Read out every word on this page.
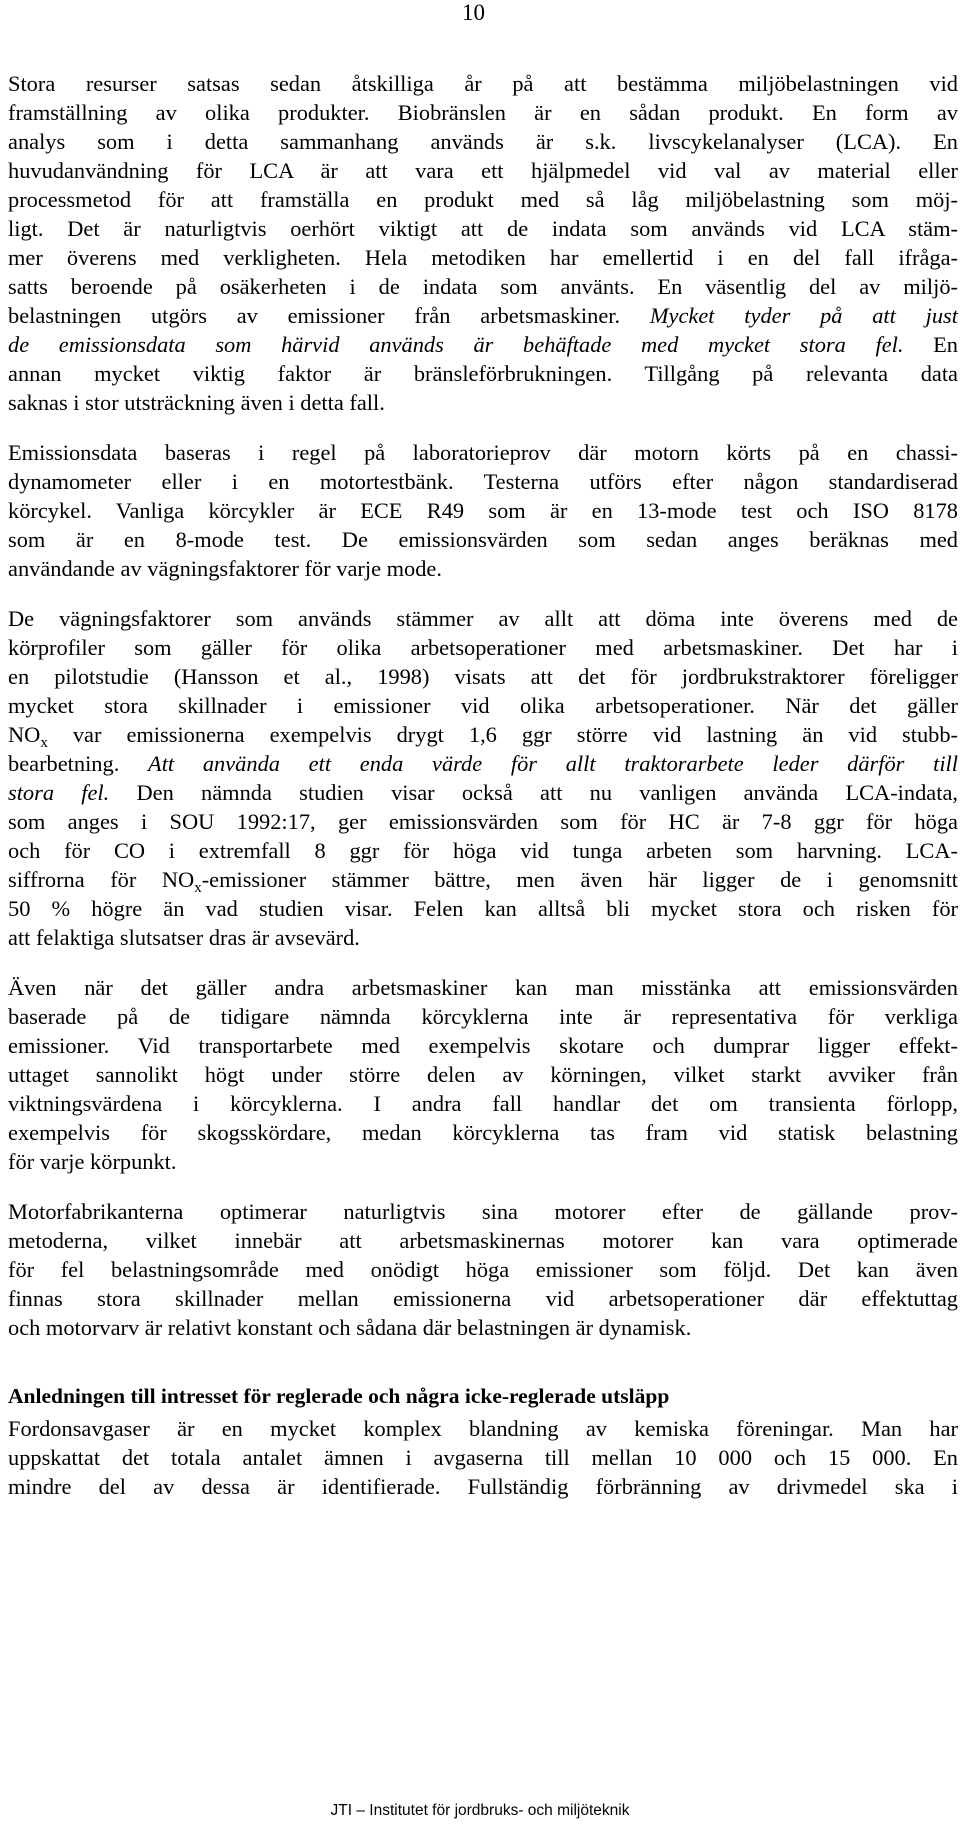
10
Stora resurser satsas sedan åtskilliga år på att bestämma miljöbelastningen vid
framställning av olika produkter. Biobränslen är en sådan produkt. En form av
analys som i detta sammanhang används är s.k. livscykelanalyser (LCA). En
huvudanvändning för LCA är att vara ett hjälpmedel vid val av material eller
processmetod för att framställa en produkt med så låg miljöbelastning som möj-
ligt. Det är naturligtvis oerhört viktigt att de indata som används vid LCA stäm-
mer överens med verkligheten. Hela metodiken har emellertid i en del fall ifråga-
satts beroende på osäkerheten i de indata som använts. En väsentlig del av miljö-
belastningen utgörs av emissioner från arbetsmaskiner. Mycket tyder på att just
de emissionsdata som härvid används är behäftade med mycket stora fel. En
annan mycket viktig faktor är bränsleförbrukningen. Tillgång på relevanta data
saknas i stor utsträckning även i detta fall.
Emissionsdata baseras i regel på laboratorieprov där motorn körts på en chassi-
dynamometer eller i en motortestbänk. Testerna utförs efter någon standardiserad
körcykel. Vanliga körcykler är ECE R49 som är en 13-mode test och ISO 8178
som är en 8-mode test. De emissionsvärden som sedan anges beräknas med
användande av vägningsfaktorer för varje mode.
De vägningsfaktorer som används stämmer av allt att döma inte överens med de
körprofiler som gäller för olika arbetsoperationer med arbetsmaskiner. Det har i
en pilotstudie (Hansson et al., 1998) visats att det för jordbrukstraktorer föreligger
mycket stora skillnader i emissioner vid olika arbetsoperationer. När det gäller
$NO_x$ var emissionerna exempelvis drygt 1,6 ggr större vid lastning än vid stubb-
bearbetning. Att använda ett enda värde för allt traktorarbete leder därför till
stora fel. Den nämnda studien visar också att nu vanligen använda LCA-indata,
som anges i SOU 1992:17, ger emissionsvärden som för HC är 7-8 ggr för höga
och för CO i extremfall 8 ggr för höga vid tunga arbeten som harvning. LCA-
siffrorna för $NO_x$-emissioner stämmer bättre, men även här ligger de i genomsnitt
50 % högre än vad studien visar. Felen kan alltså bli mycket stora och risken för
att felaktiga slutsatser dras är avsevärd.
Även när det gäller andra arbetsmaskiner kan man misstänka att emissionsvärden
baserade på de tidigare nämnda körcyklerna inte är representativa för verkliga
emissioner. Vid transportarbete med exempelvis skotare och dumprar ligger effekt-
uttaget sannolikt högt under större delen av körningen, vilket starkt avviker från
viktningsvärdena i körcyklerna. I andra fall handlar det om transienta förlopp,
exempelvis för skogsskördare, medan körcyklerna tas fram vid statisk belastning
för varje körpunkt.
Motorfabrikanterna optimerar naturligtvis sina motorer efter de gällande prov-
metoderna, vilket innebär att arbetsmaskinernas motorer kan vara optimerade
för fel belastningsområde med onödigt höga emissioner som följd. Det kan även
finnas stora skillnader mellan emissionerna vid arbetsoperationer där effektuttag
och motorvarv är relativt konstant och sådana där belastningen är dynamisk.
Anledningen till intresset för reglerade och några icke-reglerade utsläpp
Fordonsavgaser är en mycket komplex blandning av kemiska föreningar. Man har
uppskattat det totala antalet ämnen i avgaserna till mellan 10 000 och 15 000. En
mindre del av dessa är identifierade. Fullständig förbränning av drivmedel ska i
JTI – Institutet för jordbruks- och miljöteknik
